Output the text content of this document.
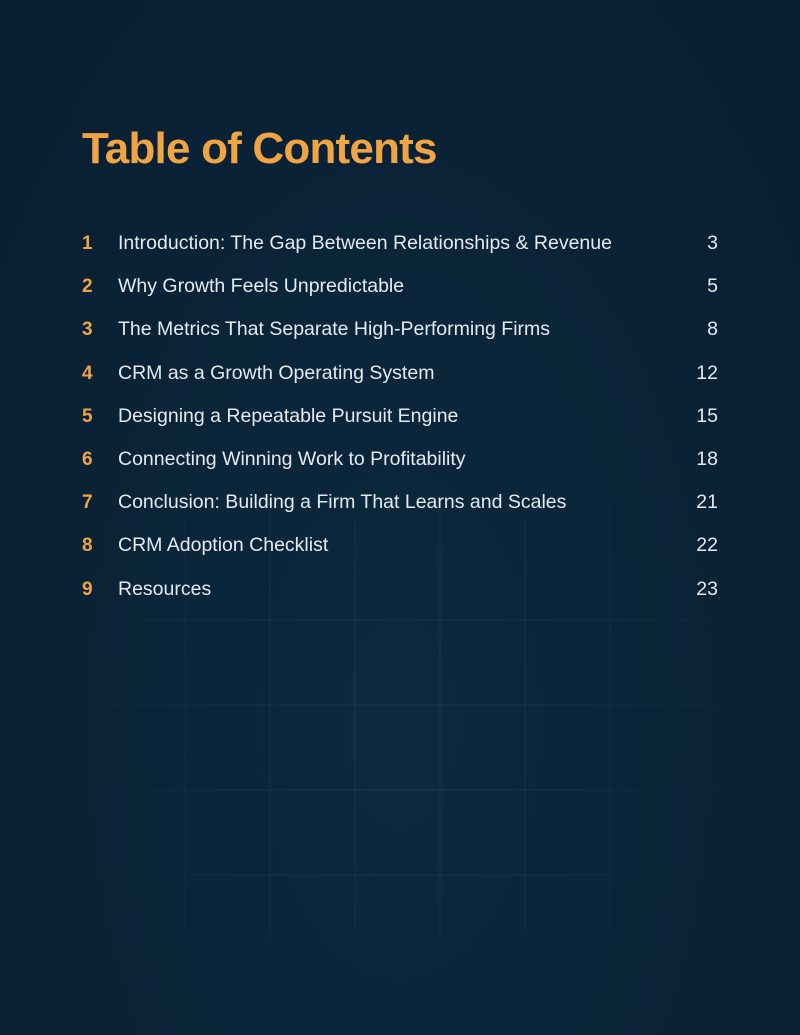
Table of Contents
1	Introduction: The Gap Between Relationships & Revenue	3
2	Why Growth Feels Unpredictable	5
3	The Metrics That Separate High-Performing Firms	8
4	CRM as a Growth Operating System	12
5	Designing a Repeatable Pursuit Engine	15
6	Connecting Winning Work to Profitability	18
7	Conclusion: Building a Firm That Learns and Scales	21
8	CRM Adoption Checklist	22
9	Resources	23
